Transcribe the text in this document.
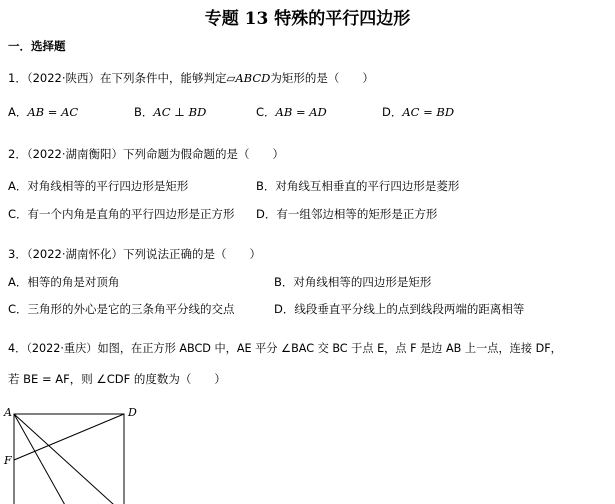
专题 13 特殊的平行四边形
一．选择题
1．（2022·陕西）在下列条件中，能够判定▱ABCD为矩形的是（　　）
A．AB = AC	B．AC ⊥ BD	C．AB = AD	D．AC = BD
2．（2022·湖南衡阳）下列命题为假命题的是（　　）
A．对角线相等的平行四边形是矩形	B．对角线互相垂直的平行四边形是菱形
C．有一个内角是直角的平行四边形是正方形 D．有一组邻边相等的矩形是正方形
3．（2022·湖南怀化）下列说法正确的是（　　）
A．相等的角是对顶角	B．对角线相等的四边形是矩形
C．三角形的外心是它的三条角平分线的交点	D．线段垂直平分线上的点到线段两端的距离相等
4．（2022·重庆）如图，在正方形 ABCD 中，AE 平分 ∠BAC 交 BC 于点 E，点 F 是边 AB 上一点，连接 DF，
若 BE = AF，则 ∠CDF 的度数为（　　）
A	D
F
